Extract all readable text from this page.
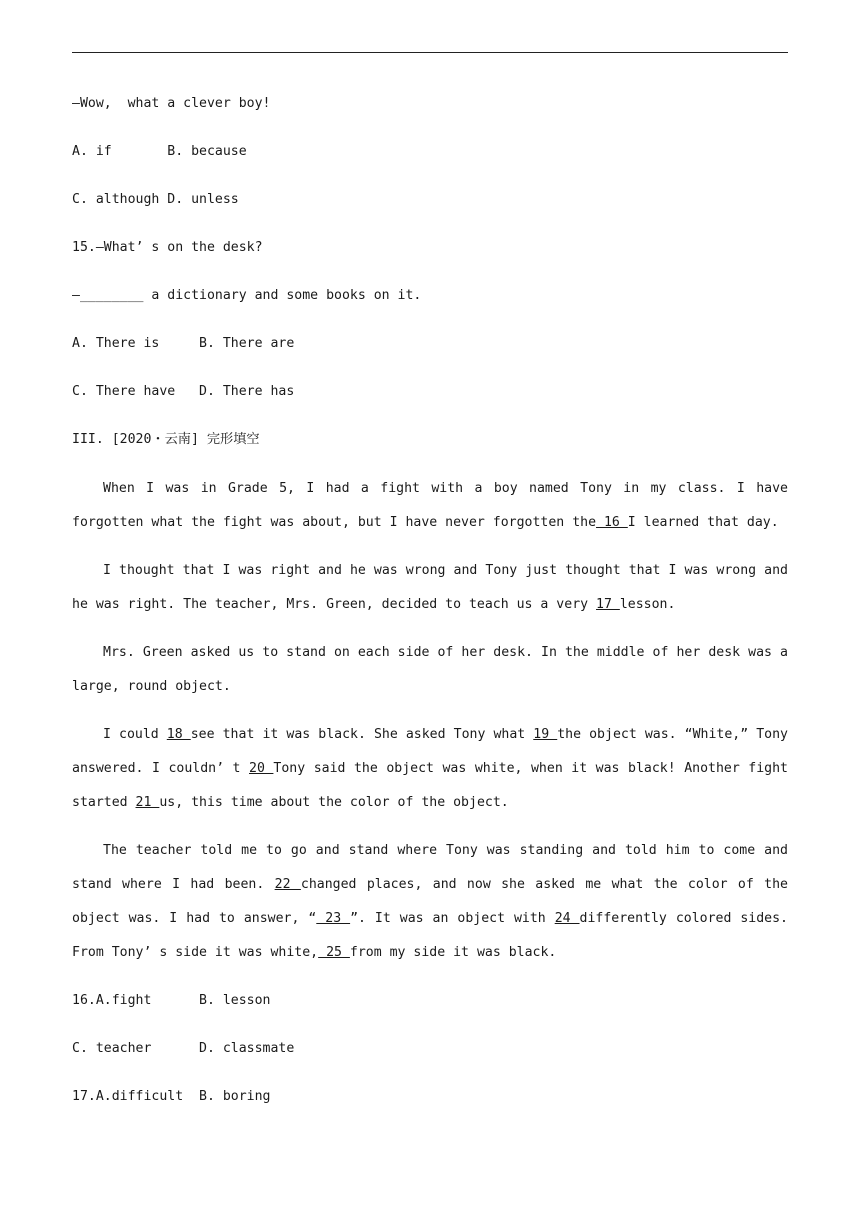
—Wow,  what a clever boy!
A. if       B. because
C. although D. unless
15.—What’ s on the desk?
—________ a dictionary and some books on it.
A. There is     B. There are
C. There have   D. There has
III. [2020・云南] 完形填空
When I was in Grade 5, I had a fight with a boy named Tony in my class. I have forgotten what the fight was about, but I have never forgotten the 16 I learned that day.
I thought that I was right and he was wrong and Tony just thought that I was wrong and he was right. The teacher, Mrs. Green, decided to teach us a very 17 lesson.
Mrs. Green asked us to stand on each side of her desk. In the middle of her desk was a large, round object.
I could 18 see that it was black. She asked Tony what 19 the object was. “White,” Tony answered. I couldn’ t 20 Tony said the object was white, when it was black! Another fight started 21 us, this time about the color of the object.
The teacher told me to go and stand where Tony was standing and told him to come and stand where I had been. 22 changed places, and now she asked me what the color of the object was. I had to answer, “ 23 ”. It was an object with 24 differently colored sides. From Tony’ s side it was white, 25 from my side it was black.
16.A.fight      B. lesson
C. teacher      D. classmate
17.A.difficult  B. boring
